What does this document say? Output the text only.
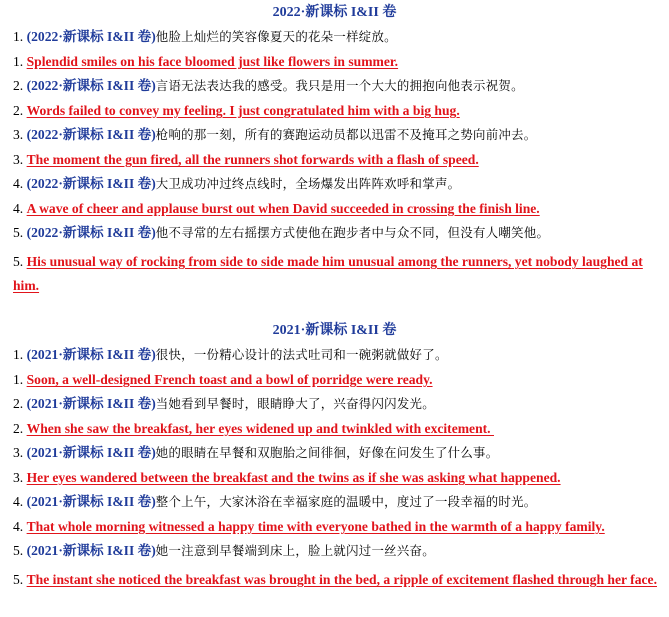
2022·新课标 I&II 卷
1. (2022·新课标 I&II 卷)他脸上灿烂的笑容像夏天的花朵一样绽放。
1. Splendid smiles on his face bloomed just like flowers in summer.
2. (2022·新课标 I&II 卷)言语无法表达我的感受。我只是用一个大大的拥抱向他表示祝贺。
2. Words failed to convey my feeling. I just congratulated him with a big hug.
3. (2022·新课标 I&II 卷)枪响的那一刻，所有的赛跑运动员都以迅雷不及掩耳之势向前冲去。
3. The moment the gun fired, all the runners shot forwards with a flash of speed.
4. (2022·新课标 I&II 卷)大卫成功冲过终点线时，全场爆发出阵阵欢呼和掌声。
4. A wave of cheer and applause burst out when David succeeded in crossing the finish line.
5. (2022·新课标 I&II 卷)他不寻常的左右摇摆方式使他在跑步者中与众不同，但没有人嘲笑他。
5. His unusual way of rocking from side to side made him unusual among the runners, yet nobody laughed at him.
2021·新课标 I&II 卷
1. (2021·新课标 I&II 卷)很快，一份精心设计的法式吐司和一碗粥就做好了。
1. Soon, a well-designed French toast and a bowl of porridge were ready.
2. (2021·新课标 I&II 卷)当她看到早餐时，眼睛睁大了，兴奋得闪闪发光。
2. When she saw the breakfast, her eyes widened up and twinkled with excitement.
3. (2021·新课标 I&II 卷)她的眼睛在早餐和双胞胎之间徘徊，好像在问发生了什么事。
3. Her eyes wandered between the breakfast and the twins as if she was asking what happened.
4. (2021·新课标 I&II 卷)整个上午，大家沐浴在幸福家庭的温暖中，度过了一段幸福的时光。
4. That whole morning witnessed a happy time with everyone bathed in the warmth of a happy family.
5. (2021·新课标 I&II 卷)她一注意到早餐端到床上，脸上就闪过一丝兴奋。
5. The instant she noticed the breakfast was brought in the bed, a ripple of excitement flashed through her face.
